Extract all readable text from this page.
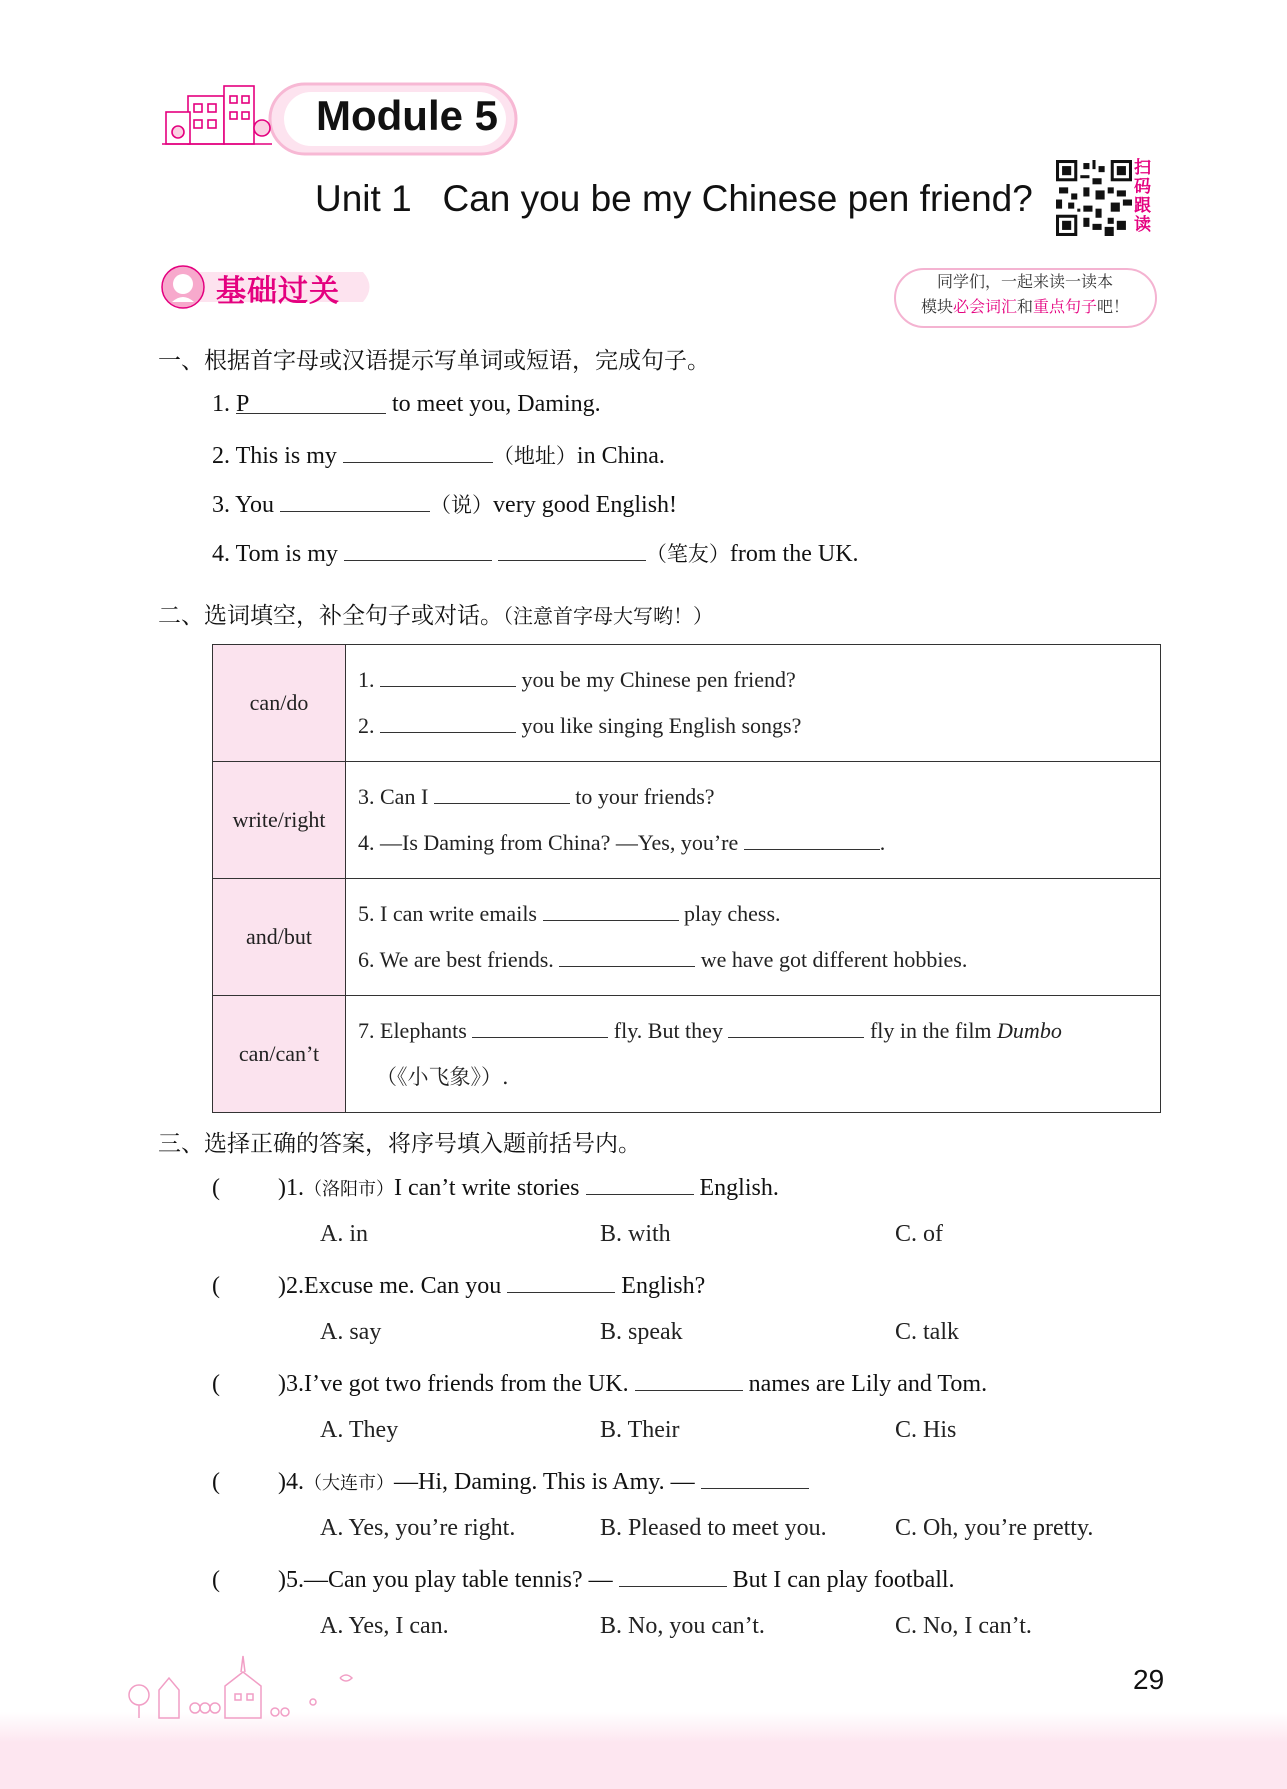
Module 5
Unit 1   Can you be my Chinese pen friend?
扫码跟读
基础过关	同学们，一起来读一读本
模块必会词汇和重点句子吧！
一、根据首字母或汉语提示写单词或短语，完成句子。
1. P	to meet you, Daming.
2. This is my	（地址）in China.
3. You	（说）very good English!
4. Tom is my	（笔友）from the UK.
二、选词填空，补全句子或对话。（注意首字母大写哟！）
can/do	1. you be my Chinese pen friend?
2. you like singing English songs?

write/right	3. Can I to your friends?
4. —Is Daming from China? —Yes, you’re .

and/but	5. I can write emails play chess.
6. We are best friends. we have got different hobbies.

can/can’t	7. Elephants fly. But they fly in the film Dumbo
（《小飞象》）.
三、选择正确的答案，将序号填入题前括号内。
( )1.（洛阳市）I can’t write stories	English.
A. in	B. with	C. of
( )2.Excuse me. Can you	English?
A. say	B. speak	C. talk
( )3.I’ve got two friends from the UK.	names are Lily and Tom.
A. They	B. Their	C. His
( )4.（大连市）—Hi, Daming. This is Amy. —
A. Yes, you’re right.	B. Pleased to meet you.	C. Oh, you’re pretty.
( )5.—Can you play table tennis? —	But I can play football.
A. Yes, I can.	B. No, you can’t.	C. No, I can’t.
29
